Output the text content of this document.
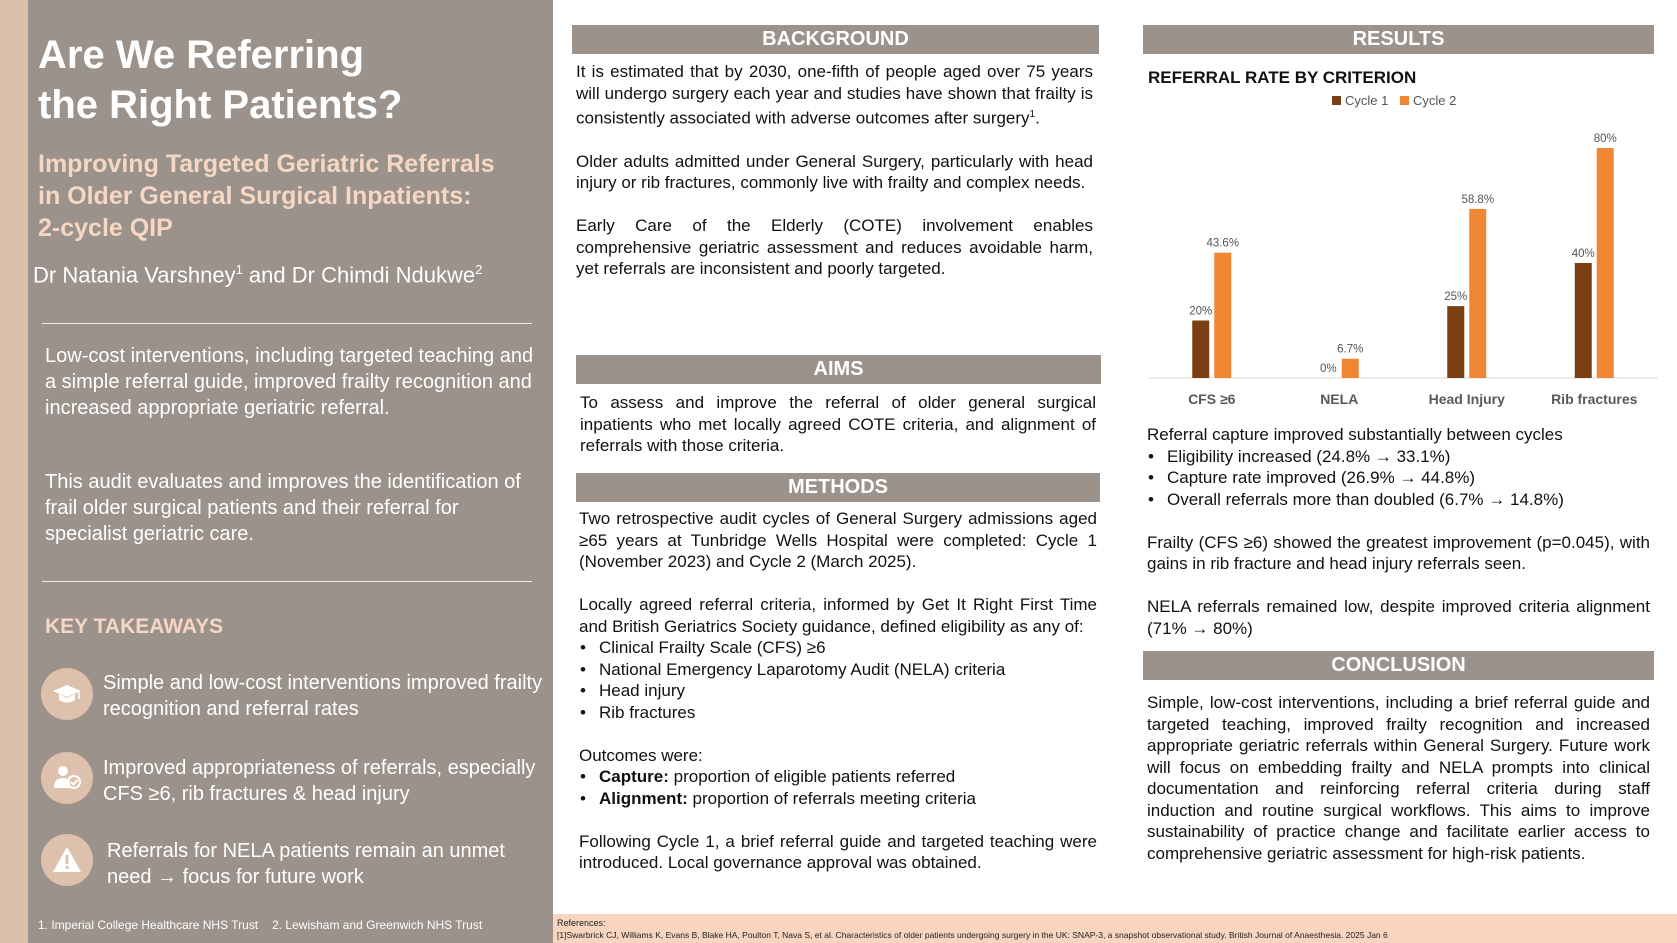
Are We Referring
the Right Patients?
Improving Targeted Geriatric Referrals
in Older General Surgical Inpatients:
2-cycle QIP
Dr Natania Varshney$^1$ and Dr Chimdi Ndukwe$^2$

Low-cost interventions, including targeted teaching and a simple referral guide, improved frailty recognition and increased appropriate geriatric referral.

This audit evaluates and improves the identification of frail older surgical patients and their referral for specialist geriatric care.

KEY TAKEAWAYS
Simple and low-cost interventions improved frailty recognition and referral rates
Improved appropriateness of referrals, especially CFS ≥6, rib fractures & head injury
Referrals for NELA patients remain an unmet need → focus for future work
1. Imperial College Healthcare NHS Trust 2. Lewisham and Greenwich NHS Trust
BACKGROUND

It is estimated that by 2030, one-fifth of people aged over 75 years will undergo surgery each year and studies have shown that frailty is consistently associated with adverse outcomes after surgery$^1$.

Older adults admitted under General Surgery, particularly with head injury or rib fractures, commonly live with frailty and complex needs.

Early Care of the Elderly (COTE) involvement enables comprehensive geriatric assessment and reduces avoidable harm, yet referrals are inconsistent and poorly targeted.

AIMS
To assess and improve the referral of older general surgical inpatients who met locally agreed COTE criteria, and alignment of referrals with those criteria.
METHODS

Two retrospective audit cycles of General Surgery admissions aged ≥65 years at Tunbridge Wells Hospital were completed: Cycle 1 (November 2023) and Cycle 2 (March 2025).

Locally agreed referral criteria, informed by Get It Right First Time and British Geriatrics Society guidance, defined eligibility as any of:

• Clinical Frailty Scale (CFS) ≥6
• National Emergency Laparotomy Audit (NELA) criteria
• Head injury
• Rib fractures

Outcomes were:

• Capture: proportion of eligible patients referred
• Alignment: proportion of referrals meeting criteria

Following Cycle 1, a brief referral guide and targeted teaching were introduced. Local governance approval was obtained.

RESULTS
REFERRAL RATE BY CRITERION
Cycle 1 Cycle 2
20%
43.6%
CFS ≥6
0%
6.7%
NELA
25%
58.8%
Head Injury
40%
80%
Rib fractures

Referral capture improved substantially between cycles

• Eligibility increased (24.8% → 33.1%)
• Capture rate improved (26.9% → 44.8%)
• Overall referrals more than doubled (6.7% → 14.8%)

Frailty (CFS ≥6) showed the greatest improvement (p=0.045), with gains in rib fracture and head injury referrals seen.

NELA referrals remained low, despite improved criteria alignment (71% → 80%)

CONCLUSION
Simple, low-cost interventions, including a brief referral guide and targeted teaching, improved frailty recognition and increased appropriate geriatric referrals within General Surgery. Future work will focus on embedding frailty and NELA prompts into clinical documentation and reinforcing referral criteria during staff induction and routine surgical workflows. This aims to improve sustainability of practice change and facilitate earlier access to comprehensive geriatric assessment for high-risk patients.
References:
[1]Swarbrick CJ, Williams K, Evans B, Blake HA, Poulton T, Nava S, et al. Characteristics of older patients undergoing surgery in the UK: SNAP-3, a snapshot observational study. British Journal of Anaesthesia. 2025 Jan 6
